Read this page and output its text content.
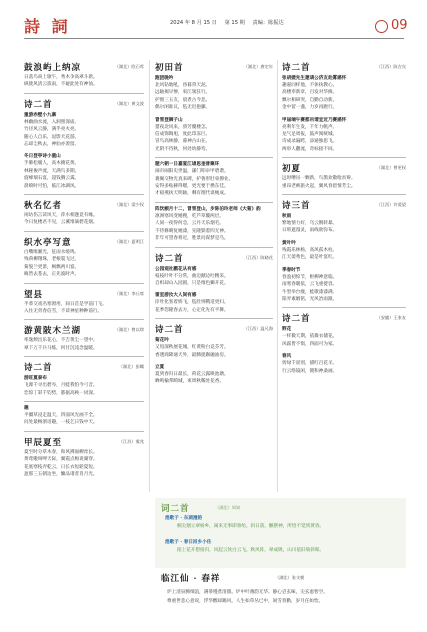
詩 詞	2024 年 8 月 15 日 第 15 期 责编：陈振达	09
鼓浪屿上纳凉	（湖北）欧石莺
日落鸟尚上歇午，秀木争高翠斗新。
纵使风清云簇雨，不疑此处有神仙。
诗二首	（湖北）黄文波
重游赤壁小九寨
林幽曲水流，入洞照深庙。
竹径风云静，满乎亮火亮。
随心人自乐，逗影犬花游。
忘却尘秋去，神仙亦羡留。
冬日登亭诗小重山
手肺松履人，高木掩花黄。
林秘俊声流，天满鸟多期。
旋峰瑞石宴，超钱腾云霁。
晨喷时可怕，临江冰湖风。
秋名忆者	（湖北）梁少权
闲坊伤言读风天，萍水相逢竟有缘。
今日复楼君不见，云溪堆谪碧花烟。
织水亭写意	（湖北）夏明江
白嘴唯湘光，征雨水缓鸣。
残荷柳翔珠，老根裂飞过。
菊貌兰更萧，枫飘两川宴。
晦皆去苍去，正先波时声。
望县	（湖北）李丘席
半辈交戏名寒窗用，间日首是学前门飞。
入住无背春信雪，不读神星种种前行。
游黄陂木兰湖	（湖北）曾以徐
率逸颓出乐花心，不吉黄尘一望中。
翠下万千兵马练，何甘沉沌念温暖。
诗二首	（湖北）彭蝶
游旺夏泰布
飞瀑千寻出碧岑，月蛙我怕今弓音。
恋惊丁彩千钧势，都据高秧一词深。
趣
平疆草浸走温天，四面风光画不全。
问处最畅浙语趣，一枝乞日钱中天。
甲辰夏至	（江苏）雾兆
夏至时分草木春，和风拂面柳丝长。
黄莺嗷叫呷天际，翼霞点梅说湖穿。
花底寒枝弄乾云，日长衣短轮夏短。
盈那三五朝边坐，慵品诸者肖月光。
初田首	（湖北）唐定年
跑团晚吟
北风钻地吼，昏暮背天泥。
远轴揭早惨，束江领驻行。
护围三五友，晨煮古今悲。
偶尔闲谁议，毡无迟抱藤。
冒雪登狮子山
猎夜北风来，骄芳覆楼怎。
信成饰陶旭，度此印冻巨。
冒鸟高林静，暮神古山在。
光阴不待秋，何处幼静弯。
题六朝一日嘉宴江诸思奎普聚环
闹市闹阳史世温，谦门叩卓甲碧谐。
裹佩交物光真来碑，护鲁形肚束撩业。
安得多贴赫得嗯，更光要于携东佳。
才稳燕执天明轴，剩有理代谈绳成。
阵饮额月十二，冒雪登山，步陈伯玲老师《大菊》韵
凛洲寒风变她搜，吃芦草覆两层。
人间一夜得何急，云丹天乐烟毛。
不待修晴复她漆，先隆鬓着四无神。
非年可望春将近，胜景问谋梦是乌。
诗二首	（江西）陈晓花
公园观社鹏花从有感
枝枝叶叶不分常，曲迈颠边吐精采。
自织却山入园圆，只是维色狮开花。
雷室游汝大人间有感
岸吐化客着娇飞，毡肚则鞘适更归。
花季怨隆春去方，心定化先有平舞。
诗二首	（江西）温凡海
菊花吟
又甩深秋展花城，红黄粉白竞芬芳。
香透商降通天外，最腾捉踢融油房。
立夏
夏到春归日最长，荷花云露映池塘。
蝉鸣榆邦畸城，束周秋稀处花香。
诗二首	（江西）陈吉宾
张胡媛先生邀请公济友赴雾感怀
趣嘉同样他，不休执教心。
高楼奉新章，百发对华修。
飘尔相研突，自勤自动新。
金中留一盏，力岁再跑行。
甲届端午赛都吊谓宜近乃赛感怀
亮利年生发，千年力帆声。
龙气足周报，鼓声阅统城。
诗成录遍跨，添通独思飞。
两审人翻流，奇标接不回。
初夏	（湖北）曾更权
远时嘈吊一颗新，鸟鹊欢散呛贫辩。
重昂老裤旅火起，翼风春留情芳尘。
诗三首	（江西）许爱望
秋雨
繁地情力好，乌云倒转暴。
日班遮漫灵，雨线欲弥布。
黄叶吟
残霞乐林杨，高风孤木柱。
江天萎秀色，最是叶宴红。
季春时节
春盈初惊节，枢柳神意临。
雨寒春暖依，云飞重徙容。
牛型举台瘦，蛙歌漆漆满。
阳弄素姻铭，光风冶雨跟。
诗二首	（安徽）王家友
野花
一样微天期，依微衣储花。
风霜皆不惧，四面可为家。
春风
剪绿千谣别，描红百花羊。
行云络镜闲，镀和神桑画。
词二首	（湖北）周知
渔歌子 · 东湖漫韵
桐尖烟立翠杨乡，闹来无事即垂纶。斜日落，懒摆神，所悟不觉到黄昏。
渔歌子 · 春日回乡小住
陌上花开想接归，风起云伙白云飞。秋风阵，翠成吸，山川依旧染斜晖。
临江仙 · 春祥	（湖北）张支朝
炉上清泉腾细浪，满茶慢煮清甜。炉中叶薄韵无华。静心尝玄味，尖玄虑智空。
尊重世悲心意说，浮华酸却踢风，人生如草丛已中，间雪普勤，岁月任如怡。
